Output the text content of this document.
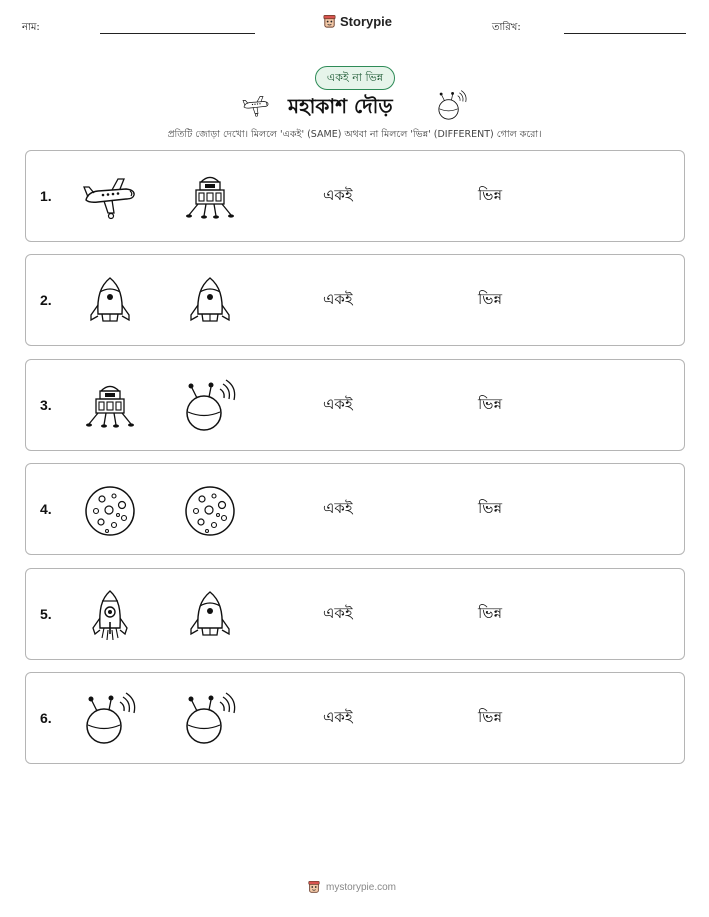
নাম:	Storypie	তারিখ:
একই না ভিন্ন
মহাকাশ দৌড়
প্রতিটি জোড়া দেখো। মিললে 'একই' (SAME) অথবা না মিললে 'ভিন্ন' (DIFFERENT) গোল করো।
1.	একই	ভিন্ন
2.	একই	ভিন্ন
3.	একই	ভিন্ন
4.	একই	ভিন্ন
5.	একই	ভিন্ন
6.	একই	ভিন্ন
mystorypie.com
